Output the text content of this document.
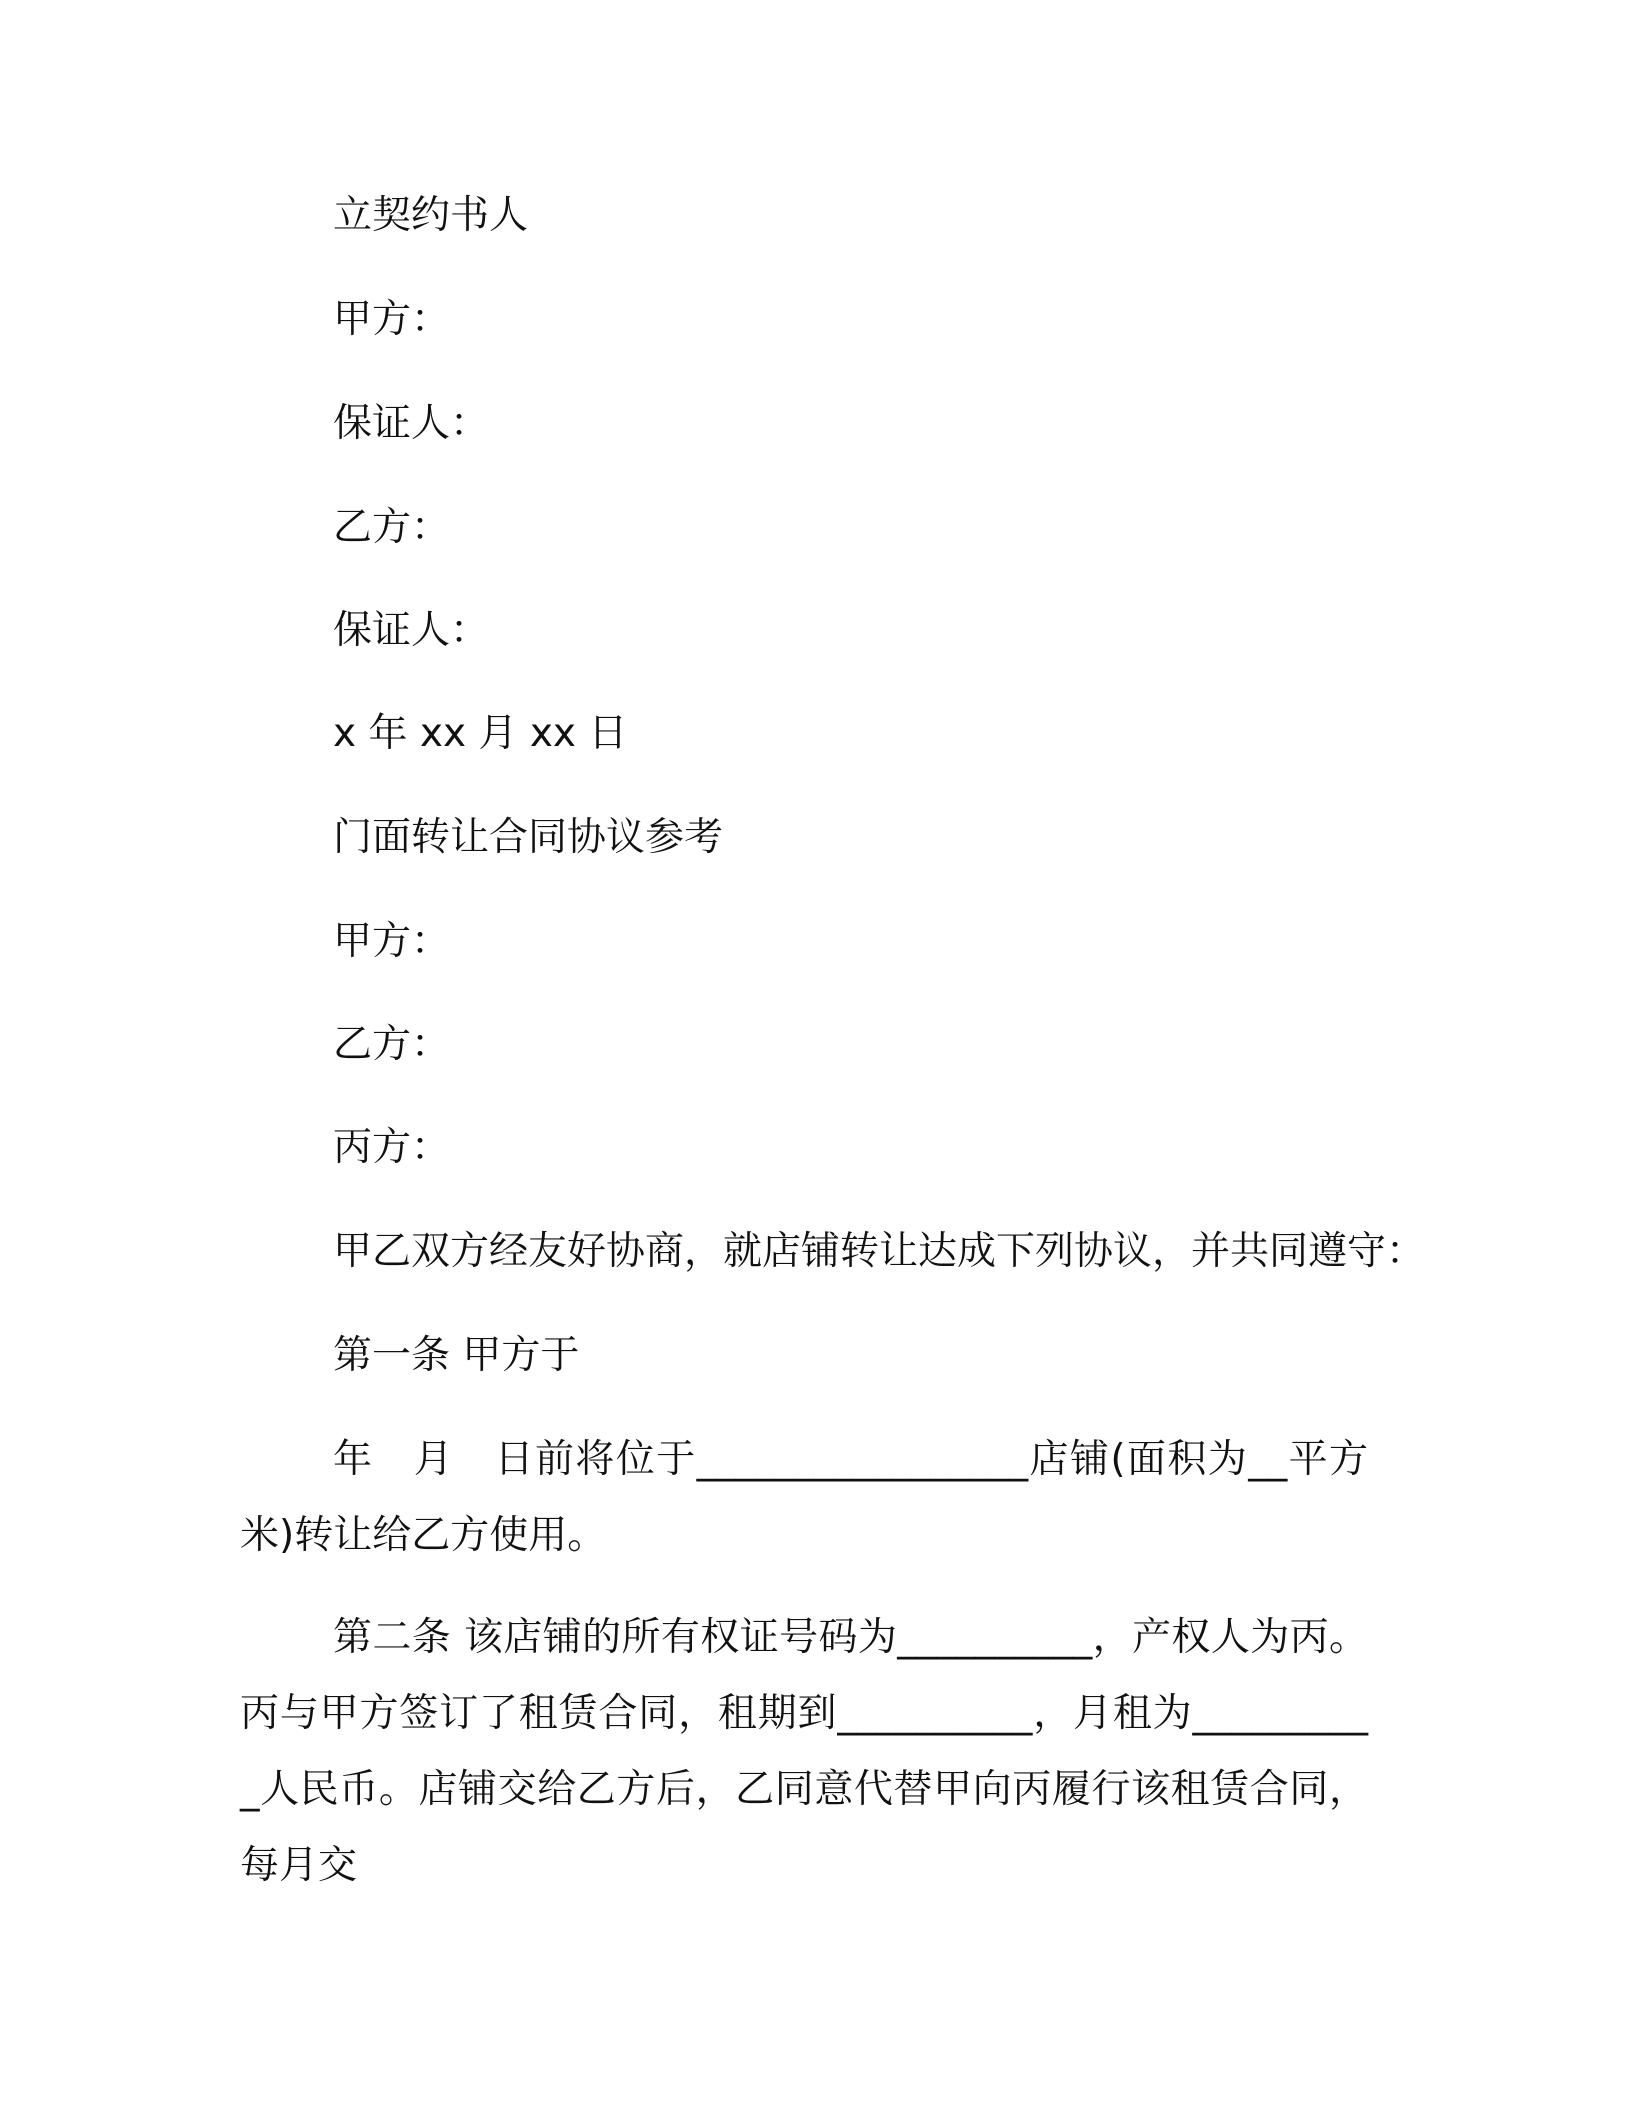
立契约书人
甲方：
保证人：
乙方：
保证人：
x 年 xx 月 xx 日
门面转让合同协议参考
甲方：
乙方：
丙方：
甲乙双方经友好协商，就店铺转让达成下列协议，并共同遵守：
第一条 甲方于
年　月　日前将位于_________________店铺(面积为__平方米)转让给乙方使用。
第二条 该店铺的所有权证号码为__________，产权人为丙。丙与甲方签订了租赁合同，租期到__________，月租为__________人民币。店铺交给乙方后，乙同意代替甲向丙履行该租赁合同，每月交
